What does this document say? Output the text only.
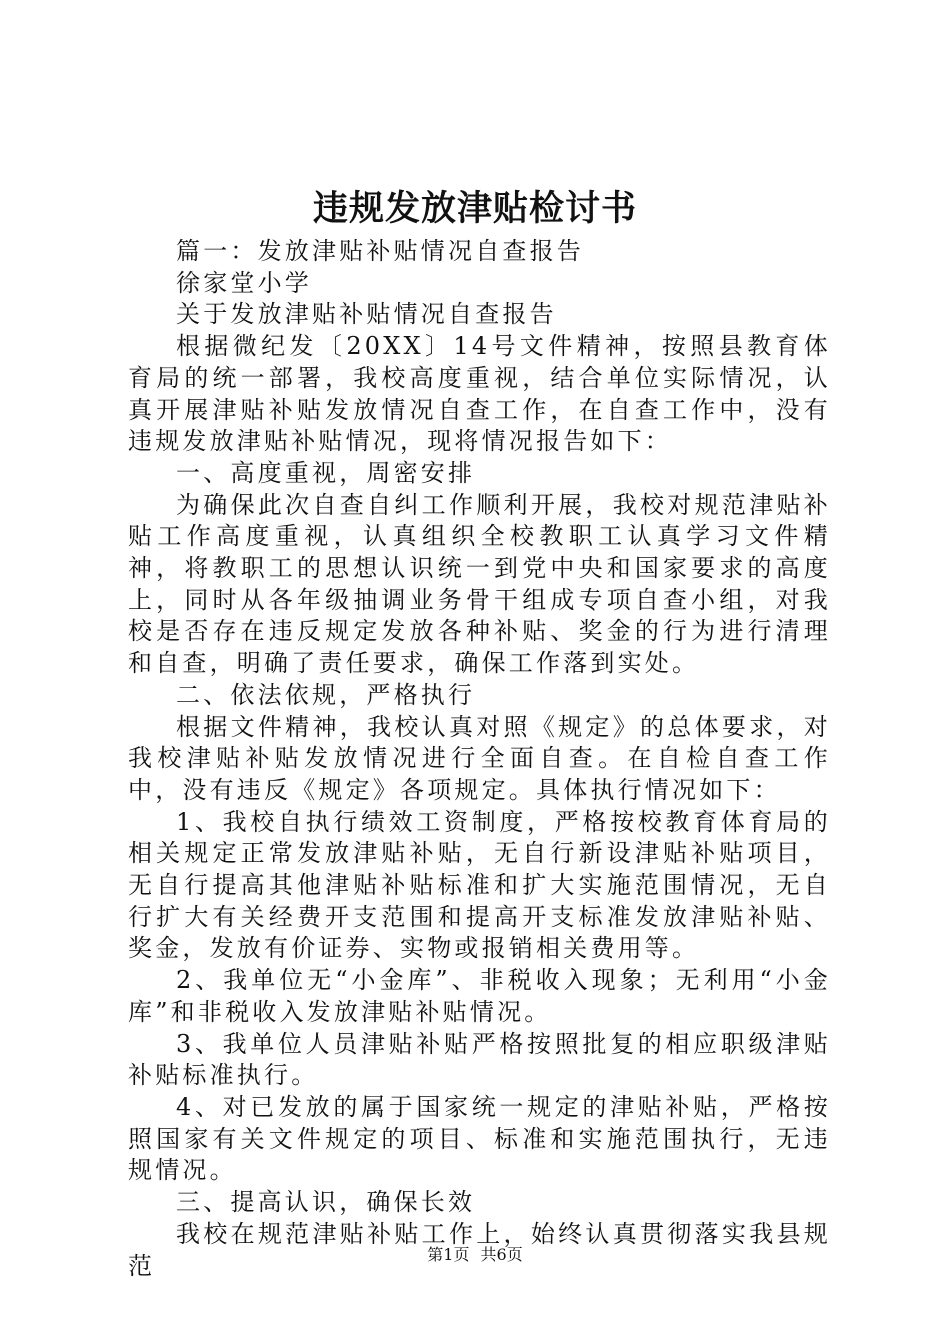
违规发放津贴检讨书

篇一：发放津贴补贴情况自查报告

徐家堂小学

关于发放津贴补贴情况自查报告

根据微纪发〔20XX〕14号文件精神，按照县教育体育局的统一部署，我校高度重视，结合单位实际情况，认真开展津贴补贴发放情况自查工作，在自查工作中，没有违规发放津贴补贴情况，现将情况报告如下：

一、高度重视，周密安排

为确保此次自查自纠工作顺利开展，我校对规范津贴补贴工作高度重视，认真组织全校教职工认真学习文件精神，将教职工的思想认识统一到党中央和国家要求的高度上，同时从各年级抽调业务骨干组成专项自查小组，对我校是否存在违反规定发放各种补贴、奖金的行为进行清理和自查，明确了责任要求，确保工作落到实处。

二、依法依规，严格执行

根据文件精神，我校认真对照《规定》的总体要求，对我校津贴补贴发放情况进行全面自查。在自检自查工作中，没有违反《规定》各项规定。具体执行情况如下：

1、我校自执行绩效工资制度，严格按校教育体育局的相关规定正常发放津贴补贴，无自行新设津贴补贴项目，无自行提高其他津贴补贴标准和扩大实施范围情况，无自行扩大有关经费开支范围和提高开支标准发放津贴补贴、奖金，发放有价证券、实物或报销相关费用等。

2、我单位无“小金库”、非税收入现象；无利用“小金库”和非税收入发放津贴补贴情况。

3、我单位人员津贴补贴严格按照批复的相应职级津贴补贴标准执行。

4、对已发放的属于国家统一规定的津贴补贴，严格按照国家有关文件规定的项目、标准和实施范围执行，无违规情况。

三、提高认识，确保长效

我校在规范津贴补贴工作上，始终认真贯彻落实我县规范	第1页 共6页
